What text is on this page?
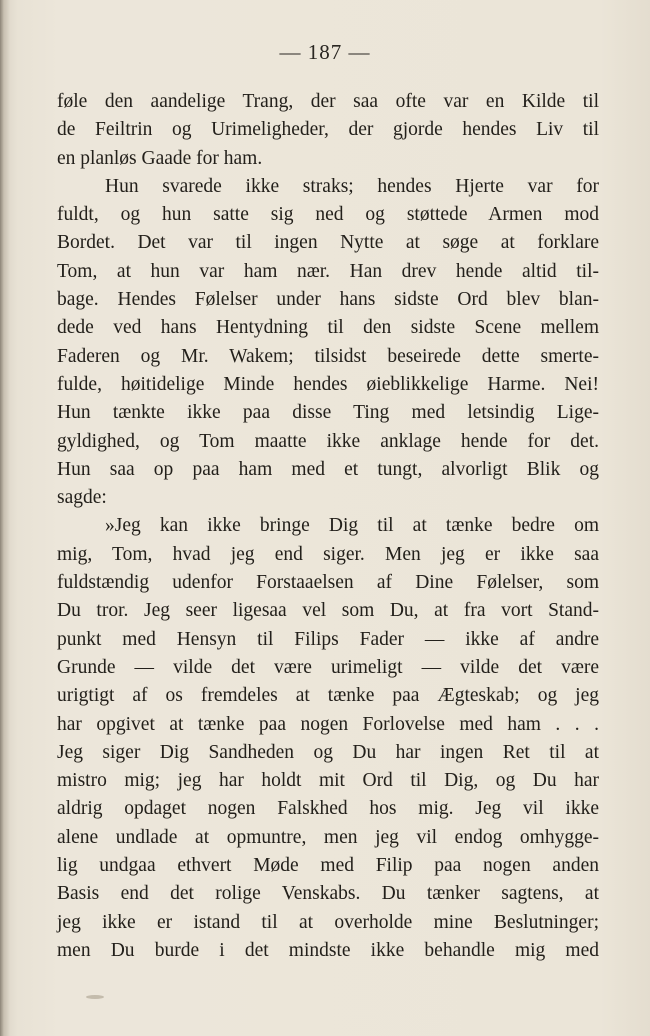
— 187 —
føle den aandelige Trang, der saa ofte var en Kilde til
de Feiltrin og Urimeligheder, der gjorde hendes Liv til
en planløs Gaade for ham.
Hun svarede ikke straks; hendes Hjerte var for
fuldt, og hun satte sig ned og støttede Armen mod
Bordet. Det var til ingen Nytte at søge at forklare
Tom, at hun var ham nær. Han drev hende altid til-
bage. Hendes Følelser under hans sidste Ord blev blan-
dede ved hans Hentydning til den sidste Scene mellem
Faderen og Mr. Wakem; tilsidst beseirede dette smerte-
fulde, høitidelige Minde hendes øieblikkelige Harme. Nei!
Hun tænkte ikke paa disse Ting med letsindig Lige-
gyldighed, og Tom maatte ikke anklage hende for det.
Hun saa op paa ham med et tungt, alvorligt Blik og
sagde:
»Jeg kan ikke bringe Dig til at tænke bedre om
mig, Tom, hvad jeg end siger. Men jeg er ikke saa
fuldstændig udenfor Forstaaelsen af Dine Følelser, som
Du tror. Jeg seer ligesaa vel som Du, at fra vort Stand-
punkt med Hensyn til Filips Fader — ikke af andre
Grunde — vilde det være urimeligt — vilde det være
urigtigt af os fremdeles at tænke paa Ægteskab; og jeg
har opgivet at tænke paa nogen Forlovelse med ham . . .
Jeg siger Dig Sandheden og Du har ingen Ret til at
mistro mig; jeg har holdt mit Ord til Dig, og Du har
aldrig opdaget nogen Falskhed hos mig. Jeg vil ikke
alene undlade at opmuntre, men jeg vil endog omhygge-
lig undgaa ethvert Møde med Filip paa nogen anden
Basis end det rolige Venskabs. Du tænker sagtens, at
jeg ikke er istand til at overholde mine Beslutninger;
men Du burde i det mindste ikke behandle mig med
